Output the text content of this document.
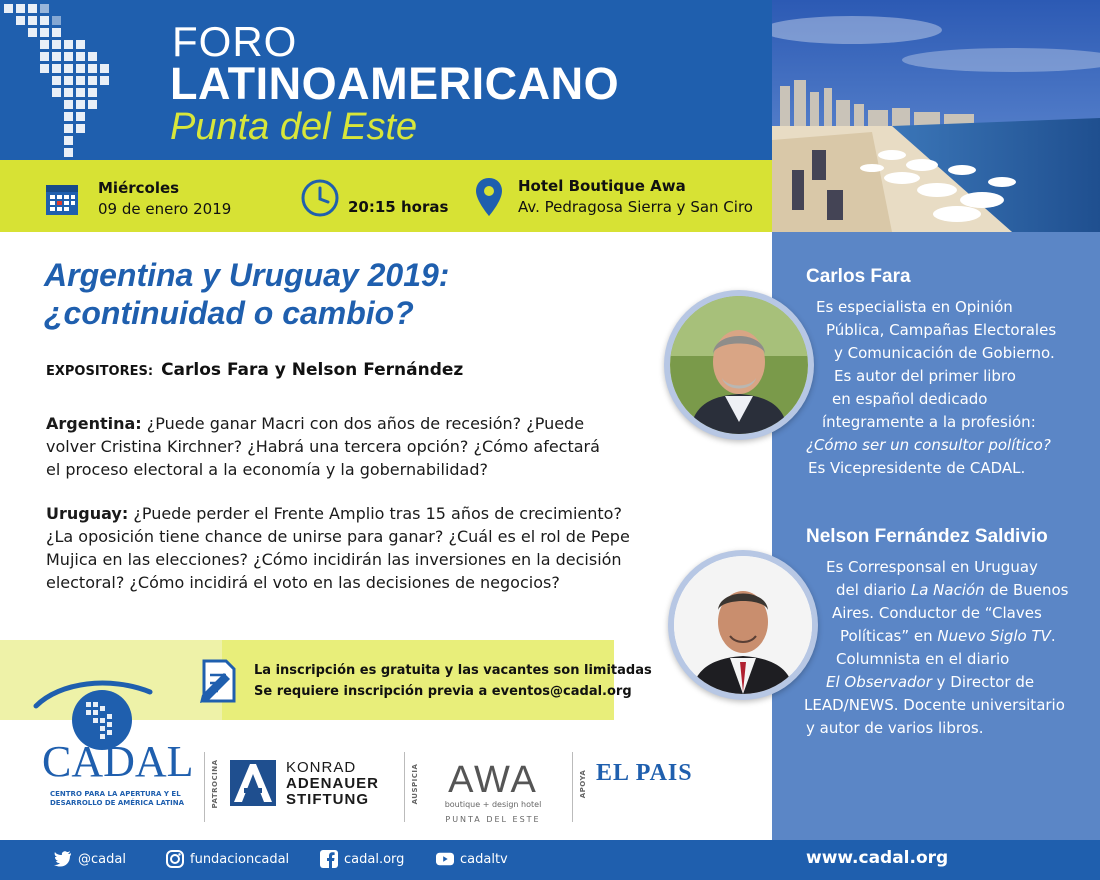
FORO
LATINOAMERICANO
Punta del Este
Miércoles
09 de enero 2019	20:15 horas
Hotel Boutique Awa
Av. Pedragosa Sierra y San Ciro
Argentina y Uruguay 2019:
¿continuidad o cambio?
EXPOSITORES: Carlos Fara y Nelson Fernández
Argentina: ¿Puede ganar Macri con dos años de recesión? ¿Puede
volver Cristina Kirchner? ¿Habrá una tercera opción? ¿Cómo afectará
el proceso electoral a la economía y la gobernabilidad?
Uruguay: ¿Puede perder el Frente Amplio tras 15 años de crecimiento?
¿La oposición tiene chance de unirse para ganar? ¿Cuál es el rol de Pepe
Mujica en las elecciones? ¿Cómo incidirán las inversiones en la decisión
electoral? ¿Cómo incidirá el voto en las decisiones de negocios?
Carlos Fara
Es especialista en Opinión
Pública, Campañas Electorales
y Comunicación de Gobierno.
Es autor del primer libro
en español dedicado
íntegramente a la profesión:
¿Cómo ser un consultor político?
Es Vicepresidente de CADAL.
Nelson Fernández Saldivio
Es Corresponsal en Uruguay
del diario La Nación de Buenos
Aires. Conductor de “Claves
Políticas” en Nuevo Siglo TV.
Columnista en el diario
El Observador y Director de
LEAD/NEWS. Docente universitario
y autor de varios libros.
La inscripción es gratuita y las vacantes son limitadas
Se requiere inscripción previa a eventos@cadal.org
CADAL
CENTRO PARA LA APERTURA Y EL
DESARROLLO DE AMÉRICA LATINA	PATROCINA	KONRAD
ADENAUER
STIFTUNG	AUSPICIA AWA
boutique + design hotel
PUNTA DEL ESTE
APOYA EL PAIS
@cadal	fundacioncadal	cadal.org	cadaltv	www.cadal.org
